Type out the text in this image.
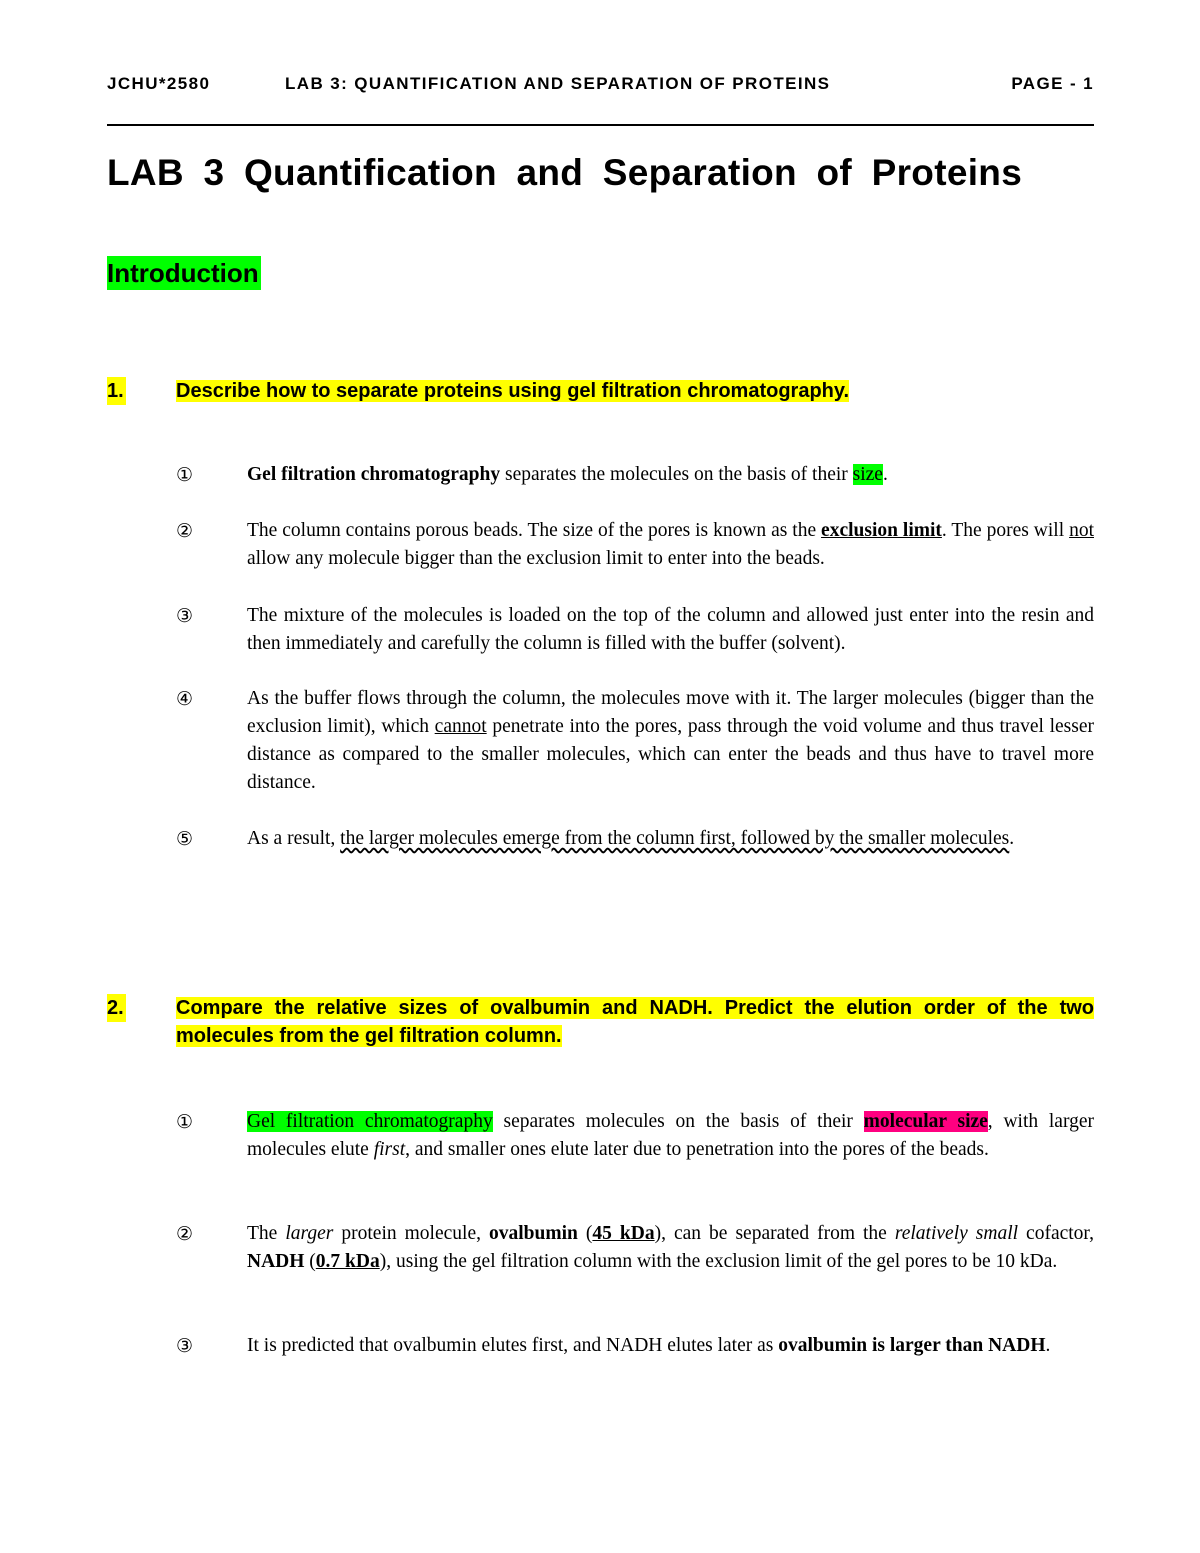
JCHU*2580	LAB 3: QUANTIFICATION AND SEPARATION OF PROTEINS	PAGE - 1
LAB 3 Quantification and Separation of Proteins
Introduction
1.	Describe how to separate proteins using gel filtration chromatography.
①	Gel filtration chromatography separates the molecules on the basis of their size.
②	The column contains porous beads. The size of the pores is known as the exclusion limit. The pores will not allow any molecule bigger than the exclusion limit to enter into the beads.
③	The mixture of the molecules is loaded on the top of the column and allowed just enter into the resin and then immediately and carefully the column is filled with the buffer (solvent).
④	As the buffer flows through the column, the molecules move with it. The larger molecules (bigger than the exclusion limit), which cannot penetrate into the pores, pass through the void volume and thus travel lesser distance as compared to the smaller molecules, which can enter the beads and thus have to travel more distance.
⑤	As a result, the larger molecules emerge from the column first, followed by the smaller molecules.
2.	Compare the relative sizes of ovalbumin and NADH. Predict the elution order of the two molecules from the gel filtration column.
①	Gel filtration chromatography separates molecules on the basis of their molecular size, with larger molecules elute first, and smaller ones elute later due to penetration into the pores of the beads.
②	The larger protein molecule, ovalbumin (45 kDa), can be separated from the relatively small cofactor, NADH (0.7 kDa), using the gel filtration column with the exclusion limit of the gel pores to be 10 kDa.
③	It is predicted that ovalbumin elutes first, and NADH elutes later as ovalbumin is larger than NADH.
